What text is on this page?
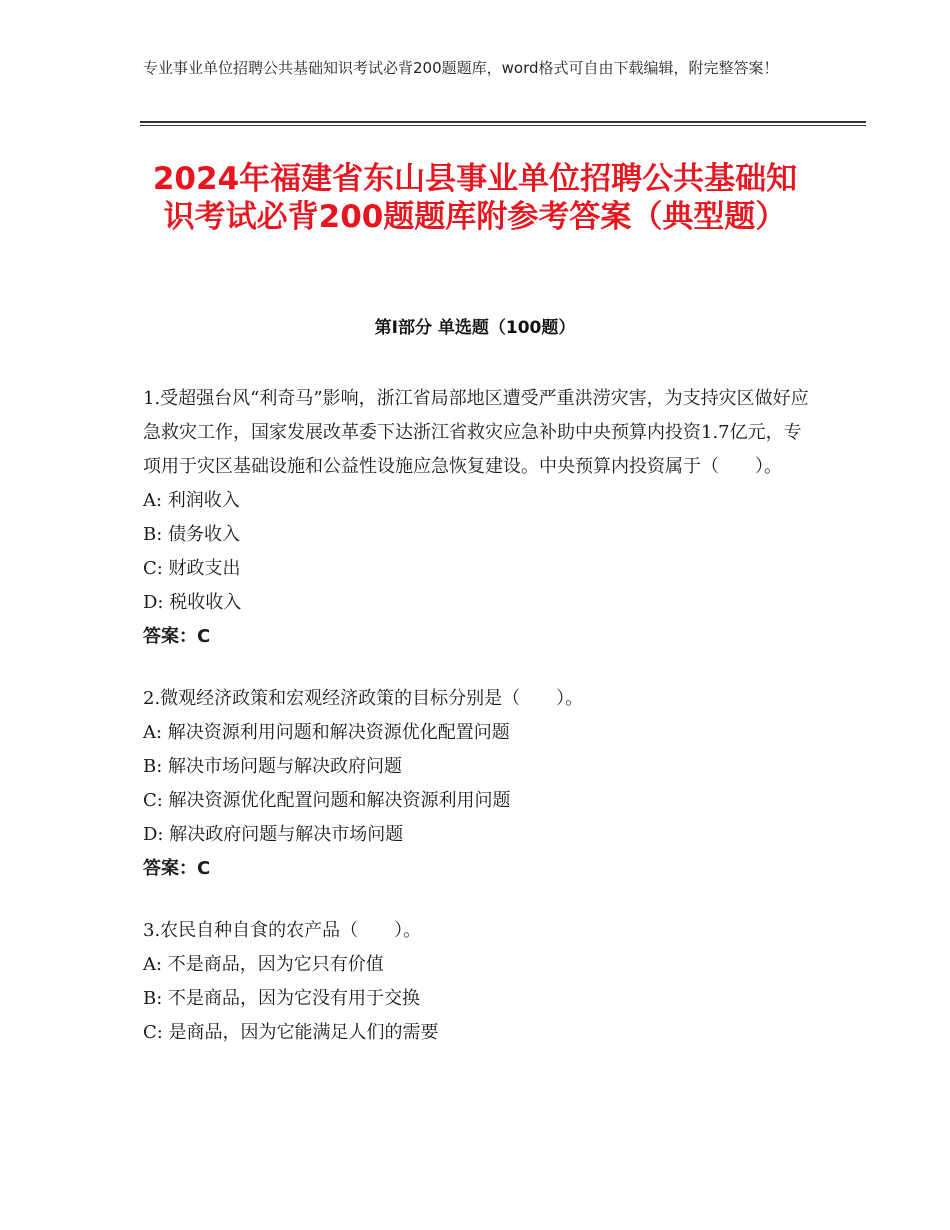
专业事业单位招聘公共基础知识考试必背200题题库，word格式可自由下载编辑，附完整答案！
2024年福建省东山县事业单位招聘公共基础知识考试必背200题题库附参考答案（典型题）
第Ⅰ部分 单选题（100题）

1.受超强台风“利奇马”影响，浙江省局部地区遭受严重洪涝灾害，为支持灾区做好应急救灾工作，国家发展改革委下达浙江省救灾应急补助中央预算内投资1.7亿元，专项用于灾区基础设施和公益性设施应急恢复建设。中央预算内投资属于（　　）。

A: 利润收入

B: 债务收入

C: 财政支出

D: 税收收入

答案：C

2.微观经济政策和宏观经济政策的目标分别是（　　）。

A: 解决资源利用问题和解决资源优化配置问题

B: 解决市场问题与解决政府问题

C: 解决资源优化配置问题和解决资源利用问题

D: 解决政府问题与解决市场问题

答案：C

3.农民自种自食的农产品（　　）。

A: 不是商品，因为它只有价值

B: 不是商品，因为它没有用于交换

C: 是商品，因为它能满足人们的需要
